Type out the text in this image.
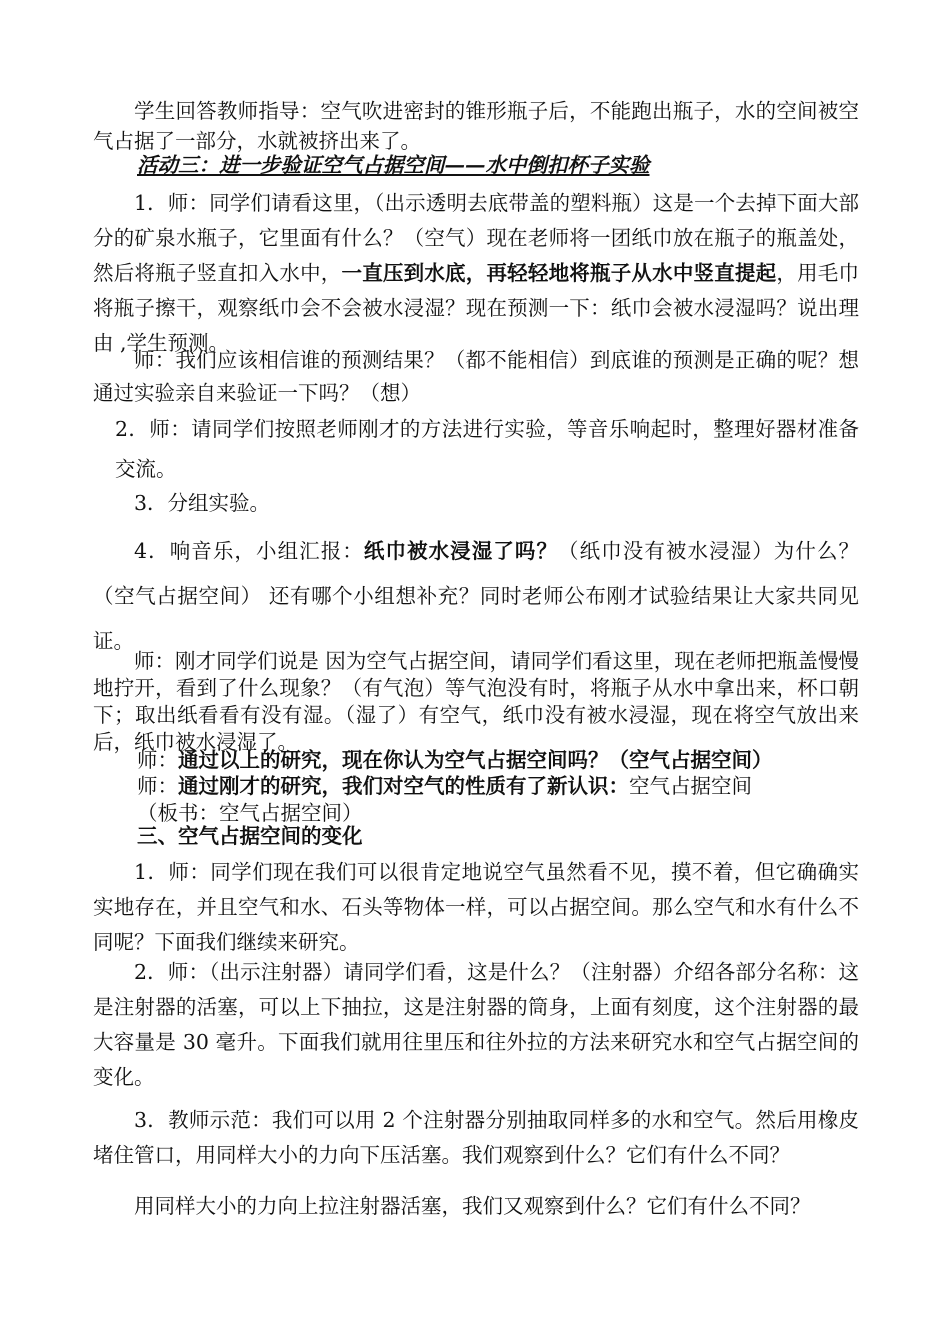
学生回答教师指导：空气吹进密封的锥形瓶子后，不能跑出瓶子，水的空间被空气占据了一部分，水就被挤出来了。

活动三：进一步验证空气占据空间——水中倒扣杯子实验

1．师：同学们请看这里，（出示透明去底带盖的塑料瓶）这是一个去掉下面大部分的矿泉水瓶子，它里面有什么？（空气）现在老师将一团纸巾放在瓶子的瓶盖处，然后将瓶子竖直扣入水中，一直压到水底，再轻轻地将瓶子从水中竖直提起，用毛巾将瓶子擦干，观察纸巾会不会被水浸湿？现在预测一下：纸巾会被水浸湿吗？说出理由 ,学生预测。

师：我们应该相信谁的预测结果？（都不能相信）到底谁的预测是正确的呢？想通过实验亲自来验证一下吗？（想）

2．师：请同学们按照老师刚才的方法进行实验，等音乐响起时，整理好器材准备交流。

3．分组实验。

4．响音乐，小组汇报：纸巾被水浸湿了吗？（纸巾没有被水浸湿）为什么？（空气占据空间） 还有哪个小组想补充？同时老师公布刚才试验结果让大家共同见证。

师：刚才同学们说是 因为空气占据空间，请同学们看这里，现在老师把瓶盖慢慢地拧开，看到了什么现象？（有气泡）等气泡没有时，将瓶子从水中拿出来，杯口朝下；取出纸看看有没有湿。（湿了）有空气，纸巾没有被水浸湿，现在将空气放出来后，纸巾被水浸湿了。

师：通过以上的研究，现在你认为空气占据空间吗？（空气占据空间）

师：通过刚才的研究，我们对空气的性质有了新认识：空气占据空间
（板书：空气占据空间）

三、空气占据空间的变化

1．师：同学们现在我们可以很肯定地说空气虽然看不见，摸不着，但它确确实实地存在，并且空气和水、石头等物体一样，可以占据空间。那么空气和水有什么不同呢？下面我们继续来研究。

2．师：（出示注射器）请同学们看，这是什么？（注射器）介绍各部分名称：这是注射器的活塞，可以上下抽拉，这是注射器的筒身，上面有刻度，这个注射器的最大容量是 30 毫升。下面我们就用往里压和往外拉的方法来研究水和空气占据空间的变化。

3．教师示范：我们可以用 2 个注射器分别抽取同样多的水和空气。然后用橡皮堵住管口，用同样大小的力向下压活塞。我们观察到什么？它们有什么不同？

用同样大小的力向上拉注射器活塞，我们又观察到什么？它们有什么不同？
